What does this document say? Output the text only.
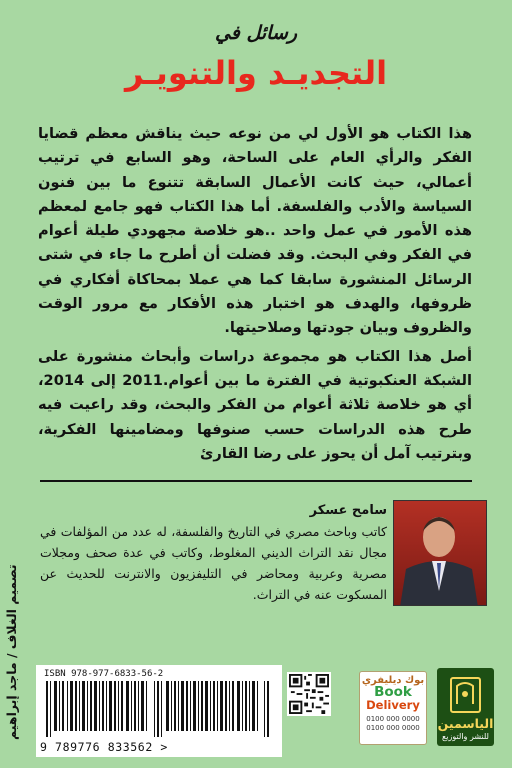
رسائل في
التجديـد والتنويـر

هذا الكتاب هو الأول لي من نوعه حيث يناقش معظم قضايا الفكر والرأي العام على الساحة، وهو السابع في ترتيب أعمالي، حيث كانت الأعمال السابقة تتنوع ما بين فنون السياسة والأدب والفلسفة. أما هذا الكتاب فهو جامع لمعظم هذه الأمور في عمل واحد ..هو خلاصة مجهودي طيلة أعوام في الفكر وفي البحث. وقد فضلت أن أطرح ما جاء في شتى الرسائل المنشورة سابقا كما هي عملا بمحاكاة أفكاري في ظروفها، والهدف هو اختبار هذه الأفكار مع مرور الوقت والظروف وبيان جودتها وصلاحيتها.

أصل هذا الكتاب هو مجموعة دراسات وأبحاث منشورة على الشبكة العنكبوتية في الفترة ما بين أعوام.2011 إلى 2014، أي هو خلاصة ثلاثة أعوام من الفكر والبحث، وقد راعيت فيه طرح هذه الدراسات حسب صنوفها ومضامينها الفكرية، وبترتيب آمل أن يحوز على رضا القارئ

سامح عسكر
كاتب وباحث مصري في التاريخ والفلسفة، له عدد من المؤلفات في مجال نقد التراث الديني المغلوط، وكاتب في عدة صحف ومجلات مصرية وعربية ومحاضر في التليفزيون والانترنت للحديث عن المسكوت عنه في التراث.
تصميم الغلاف / ماجد إبراهيم	ISBN 978-977-6833-56-2
9 789776 833562 >
بوك ديليفري
Book
Delivery
0100 000 0000
0100 000 0000	الياسمين
للنشر والتوزيع
